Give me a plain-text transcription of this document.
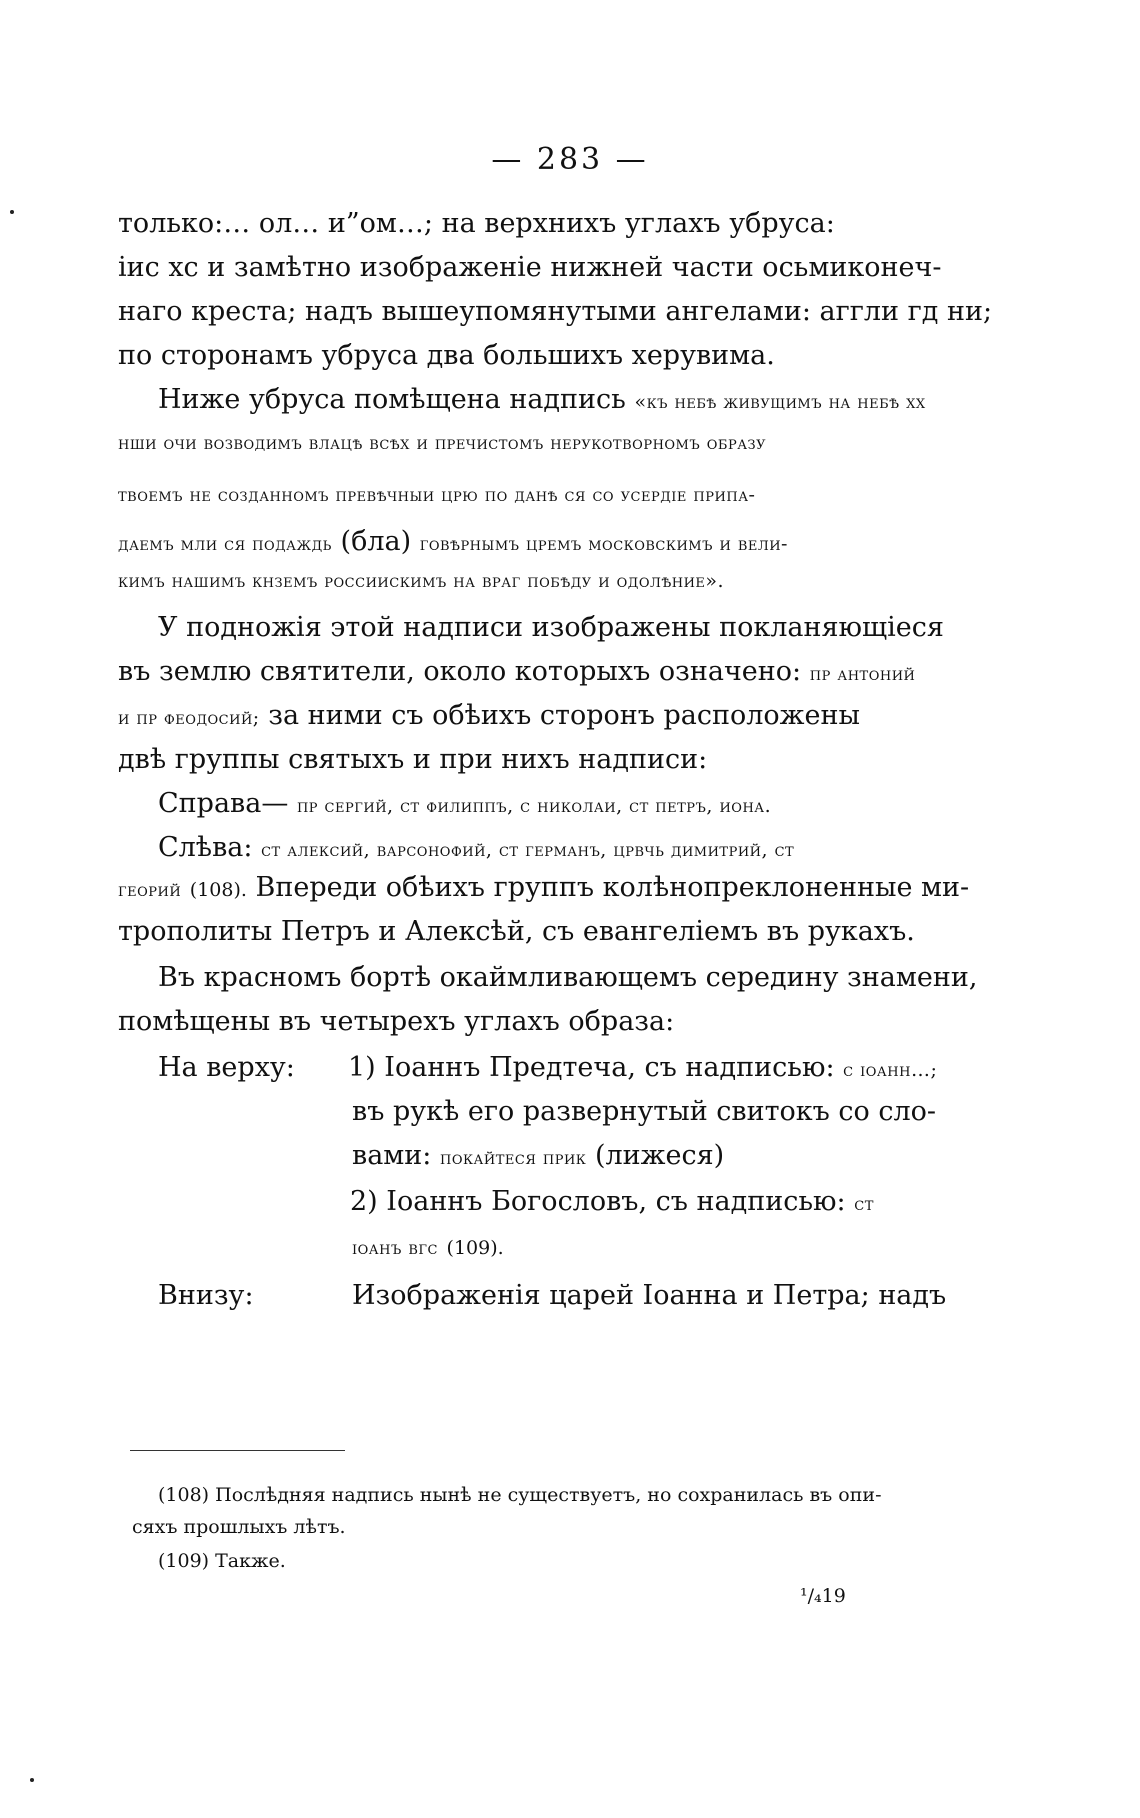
— 283 —
только:… ол… и”ом…; на верхнихъ углахъ убруса:
іис хс и замѣтно изображеніе нижней части осьмиконеч-
наго креста; надъ вышеупомянутыми ангелами: аггли гд ни;
по сторонамъ убруса два большихъ херувима.
Ниже убруса помѣщена надпись «къ небѣ живущимъ на небѣ хх
нши очи возводимъ влацѣ всѣх и пречистомъ нерукотворномъ образу
твоемъ не созданномъ превѣчныи црю по данѣ ся со усердіе припа-
даемъ мли ся подаждь (бла) говѣрнымъ цремъ московскимъ и вели-
кимъ нашимъ кнземъ россиискимъ на враг побѣду и одолѣние».
У подножія этой надписи изображены покланяющіеся
въ землю святители, около которыхъ означено: пр антоний
и пр феодосий; за ними съ обѣихъ сторонъ расположены
двѣ группы святыхъ и при нихъ надписи:
Справа— пр сергий, ст филиппъ, с николаи, ст петръ, иона.
Слѣва: ст алексий, варсонофий, ст германъ, црвчь димитрий, ст
георий (108). Впереди обѣихъ группъ колѣнопреклоненные ми-
трополиты Петръ и Алексѣй, съ евангеліемъ въ рукахъ.
Въ красномъ бортѣ окаймливающемъ середину знамени,
помѣщены въ четырехъ углахъ образа:
На верху: 1) Іоаннъ Предтеча, съ надписью: с іоанн…;
въ рукѣ его развернутый свитокъ со сло-
вами: покайтеся прик (лижеся)
2) Іоаннъ Богословъ, съ надписью: ст
іоанъ вгс (109).
Внизу:	Изображенія царей Іоанна и Петра; надъ
(108) Послѣдняя надпись нынѣ не существуетъ, но сохранилась въ опи-
сяхъ прошлыхъ лѣтъ.
(109) Также.
¹/₄19
